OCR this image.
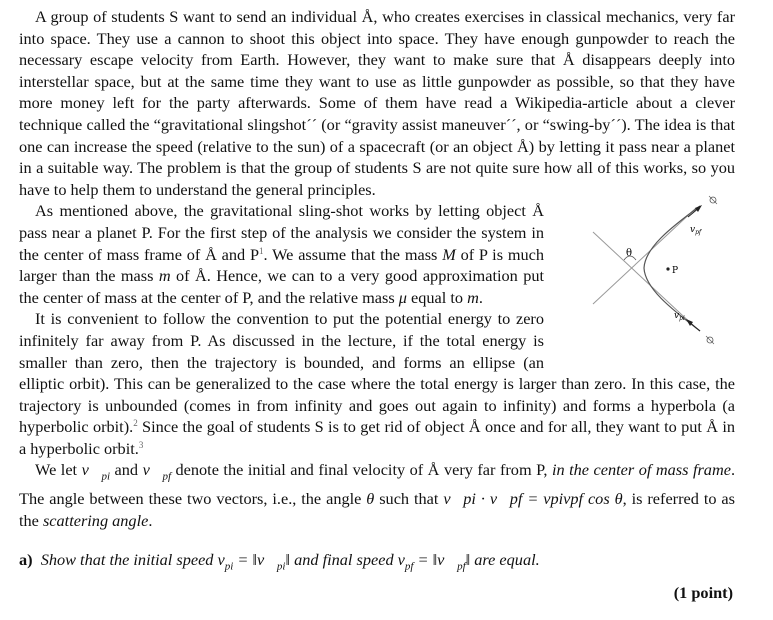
A group of students S want to send an individual Å, who creates exercises in classical mechanics, very far into space. They use a cannon to shoot this object into space. They have enough gunpowder to reach the necessary escape velocity from Earth. However, they want to make sure that Å disappears deeply into interstellar space, but at the same time they want to use as little gunpowder as possible, so that they have more money left for the party afterwards. Some of them have read a Wikipedia-article about a clever technique called the “gravitational slingshot´´ (or “gravity assist maneuver´´, or “swing-by´´). The idea is that one can increase the speed (relative to the sun) of a spacecraft (or an object Å) by letting it pass near a planet in a suitable way. The problem is that the group of students S are not quite sure how all of this works, so you have to help them to understand the general principles.

θ
P
$v_{pf}$
$v_{pi}$

As mentioned above, the gravitational sling-shot works by letting object Å pass near a planet P. For the first step of the analysis we consider the system in the center of mass frame of Å and $P^1$. We assume that the mass M of P is much larger than the mass m of Å. Hence, we can to a very good approximation put the center of mass at the center of P, and the relative mass μ equal to m.

It is convenient to follow the convention to put the potential energy to zero infinitely far away from P. As discussed in the lecture, if the total energy is smaller than zero, then the trajectory is bounded, and forms an ellipse (an elliptic orbit). This can be generalized to the case where the total energy is larger than zero. In this case, the trajectory is unbounded (comes in from infinity and goes out again to infinity) and forms a hyperbola (a hyperbolic orbit).$^2$ Since the goal of students S is to get rid of object Å once and for all, they want to put Å in a hyperbolic orbit.$^3$

We let $v⃗_{pi}$ and $v⃗_{pf}$ denote the initial and final velocity of Å very far from P, in the center of mass frame. The angle between these two vectors, i.e., the angle θ such that v⃗pi · v⃗pf = vpivpf cos θ, is referred to as the scattering angle.

a) Show that the initial speed $v_{pi}$ = $‖v⃗_{pi}‖$ and final speed $v_{pf}$ = $‖v⃗_{pf}‖$ are equal.

(1 point)
